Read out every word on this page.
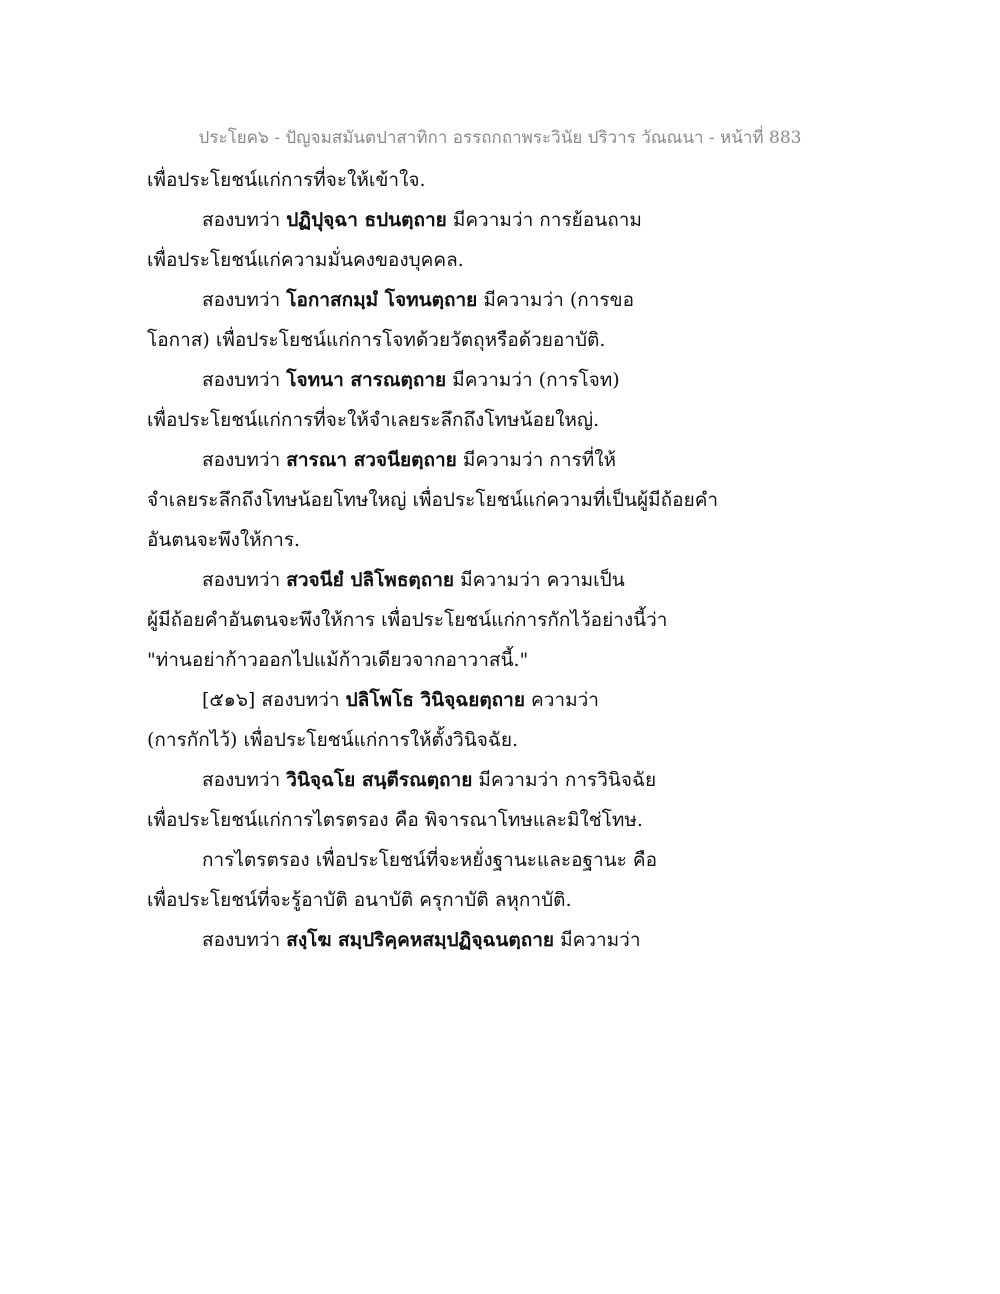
ประโยค๖ - ปัญจมสมันตปาสาทิกา อรรถกถาพระวินัย ปริวาร วัณณนา - หน้าที่ 883
เพื่อประโยชน์แก่การที่จะให้เข้าใจ.
สองบทว่า ปฏิปุจฺฉา ธปนตฺถาย มีความว่า การย้อนถาม
เพื่อประโยชน์แก่ความมั่นคงของบุคคล.
สองบทว่า โอกาสกมฺมํ โจทนตฺถาย มีความว่า (การขอ
โอกาส) เพื่อประโยชน์แก่การโจทด้วยวัตถุหรือด้วยอาบัติ.
สองบทว่า โจทนา สารณตฺถาย มีความว่า (การโจท)
เพื่อประโยชน์แก่การที่จะให้จำเลยระลึกถึงโทษน้อยใหญ่.
สองบทว่า สารณา สวจนียตฺถาย มีความว่า การที่ให้
จำเลยระลึกถึงโทษน้อยโทษใหญ่ เพื่อประโยชน์แก่ความที่เป็นผู้มีถ้อยคำ
อันตนจะพึงให้การ.
สองบทว่า สวจนียํ ปลิโพธตฺถาย มีความว่า ความเป็น
ผู้มีถ้อยคำอันตนจะพึงให้การ เพื่อประโยชน์แก่การกักไว้อย่างนี้ว่า
"ท่านอย่าก้าวออกไปแม้ก้าวเดียวจากอาวาสนี้."
[๕๑๖] สองบทว่า ปลิโพโธ วินิจฺฉยตฺถาย ความว่า
(การกักไว้) เพื่อประโยชน์แก่การให้ตั้งวินิจฉัย.
สองบทว่า วินิจฺฉโย สนฺตีรณตฺถาย มีความว่า การวินิจฉัย
เพื่อประโยชน์แก่การไตรตรอง คือ พิจารณาโทษและมิใช่โทษ.
การไตรตรอง เพื่อประโยชน์ที่จะหยั่งฐานะและอฐานะ คือ
เพื่อประโยชน์ที่จะรู้อาบัติ อนาบัติ ครุกาบัติ ลหุกาบัติ.
สองบทว่า สงฺโฆ สมฺปริคฺคหสมฺปฏิจฺฉนตฺถาย มีความว่า
